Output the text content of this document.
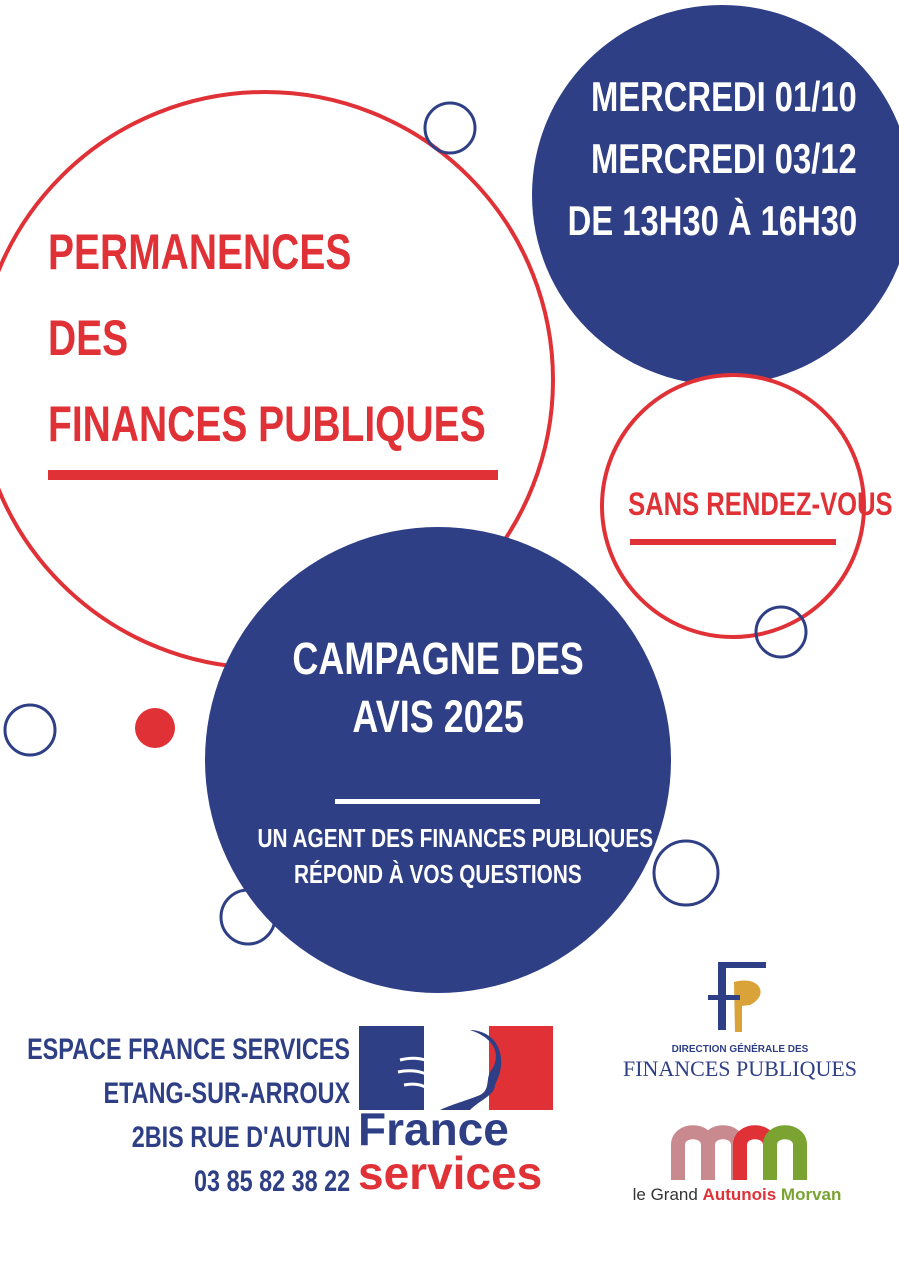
PERMANENCES
DES
FINANCES PUBLIQUES
MERCREDI 01/10
MERCREDI 03/12
DE 13H30 À 16H30
SANS RENDEZ-VOUS
CAMPAGNE DES
AVIS 2025
UN AGENT DES FINANCES PUBLIQUES
RÉPOND À VOS QUESTIONS
ESPACE FRANCE SERVICES
ETANG-SUR-ARROUX
2BIS RUE D'AUTUN
03 85 82 38 22
France
services
DIRECTION GÉNÉRALE DES
FINANCES PUBLIQUES
le Grand Autunois Morvan
